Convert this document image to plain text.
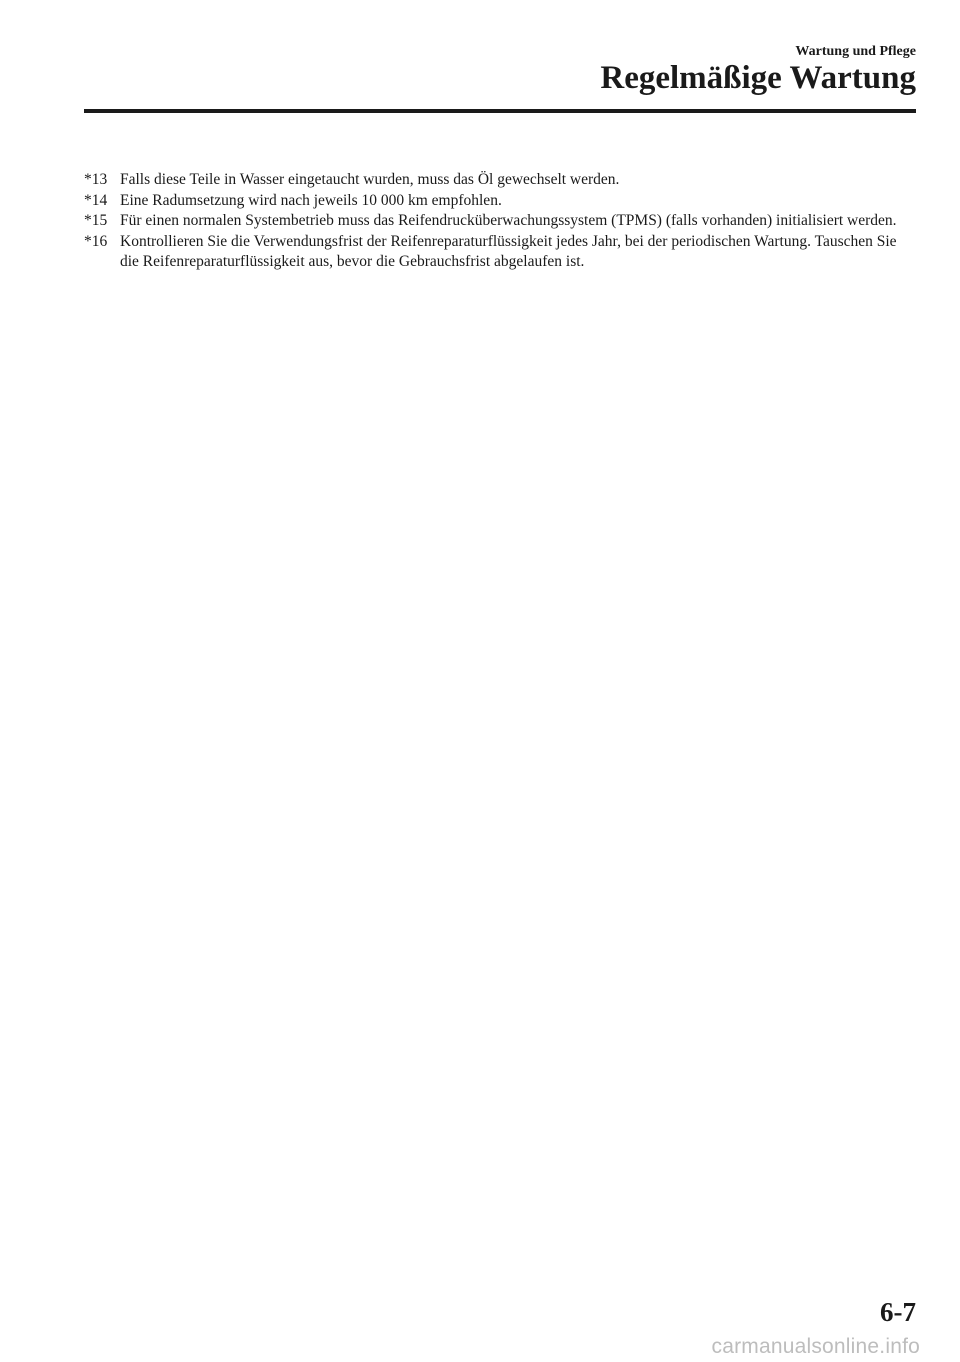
Wartung und Pflege
Regelmäßige Wartung
*13 Falls diese Teile in Wasser eingetaucht wurden, muss das Öl gewechselt werden.
*14 Eine Radumsetzung wird nach jeweils 10 000 km empfohlen.
*15 Für einen normalen Systembetrieb muss das Reifendrucküberwachungssystem (TPMS) (falls vorhanden) initialisiert werden.
*16 Kontrollieren Sie die Verwendungsfrist der Reifenreparaturflüssigkeit jedes Jahr, bei der periodischen Wartung. Tauschen Sie die Reifenreparaturflüssigkeit aus, bevor die Gebrauchsfrist abgelaufen ist.
6-7
carmanualsonline.info
